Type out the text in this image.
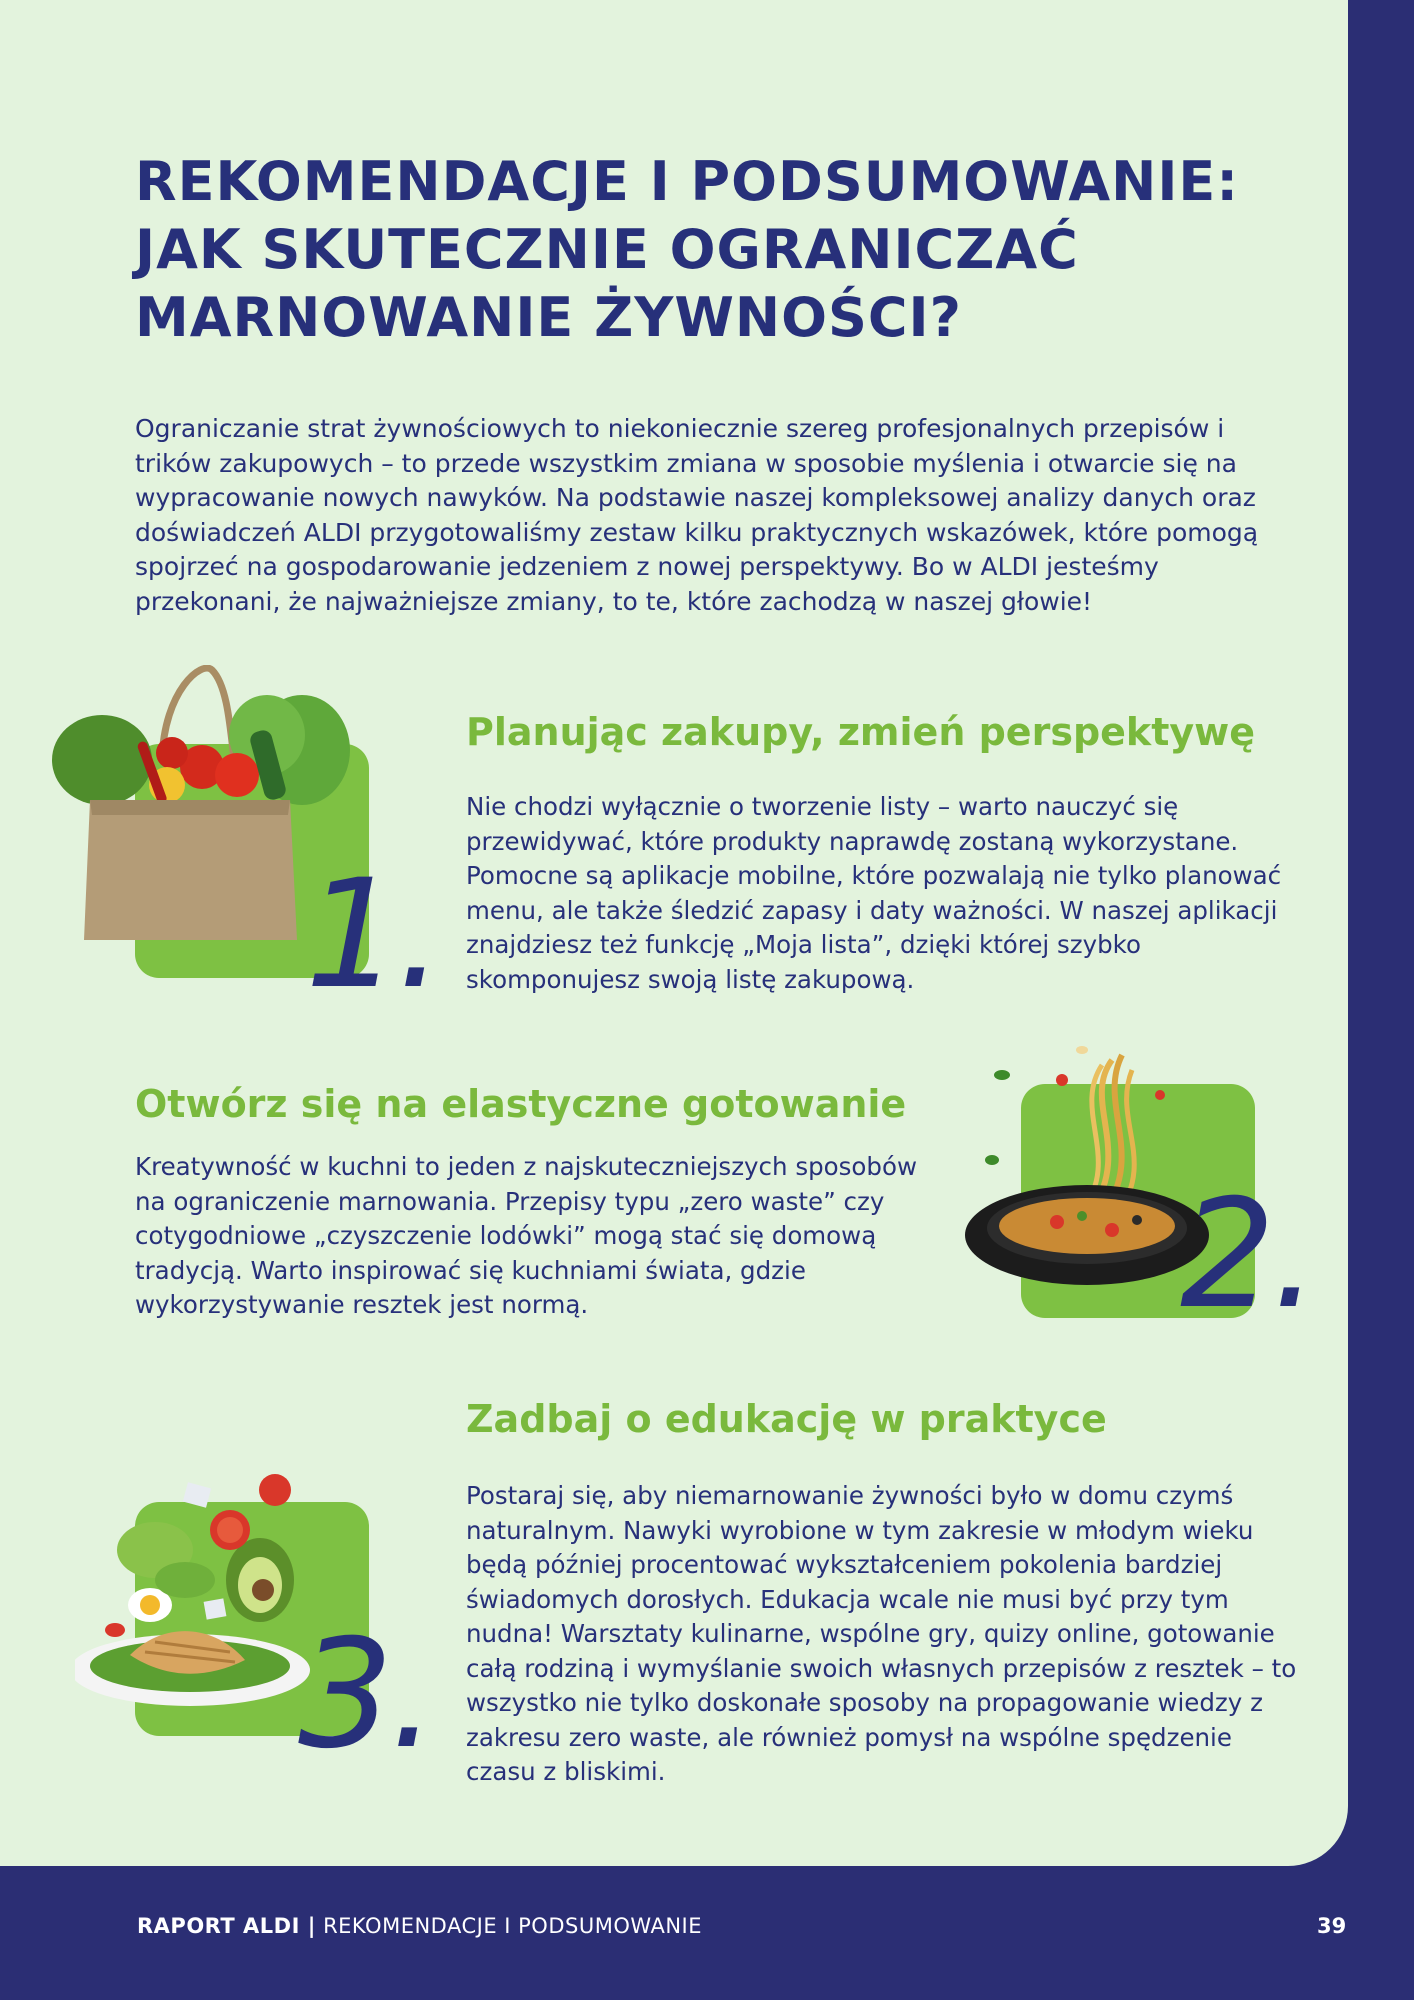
REKOMENDACJE I PODSUMOWANIE: JAK SKUTECZNIE OGRANICZAĆ MARNOWANIE ŻYWNOŚCI?

Ograniczanie strat żywnościowych to niekoniecznie szereg profesjonalnych przepisów i trików zakupowych – to przede wszystkim zmiana w sposobie myślenia i otwarcie się na wypracowanie nowych nawyków. Na podstawie naszej kompleksowej analizy danych oraz doświadczeń ALDI przygotowaliśmy zestaw kilku praktycznych wskazówek, które pomogą spojrzeć na gospodarowanie jedzeniem z nowej perspektywy. Bo w ALDI jesteśmy przekonani, że najważniejsze zmiany, to te, które zachodzą w naszej głowie!

1.
Planując zakupy, zmień perspektywę

Nie chodzi wyłącznie o tworzenie listy – warto nauczyć się przewidywać, które produkty naprawdę zostaną wykorzystane. Pomocne są aplikacje mobilne, które pozwalają nie tylko planować menu, ale także śledzić zapasy i daty ważności. W naszej aplikacji znajdziesz też funkcję „Moja lista”, dzięki której szybko skomponujesz swoją listę zakupową.

Otwórz się na elastyczne gotowanie

Kreatywność w kuchni to jeden z najskuteczniejszych sposobów na ograniczenie marnowania. Przepisy typu „zero waste” czy cotygodniowe „czyszczenie lodówki” mogą stać się domową tradycją. Warto inspirować się kuchniami świata, gdzie wykorzystywanie resztek jest normą.	2.
Zadbaj o edukację w praktyce

Postaraj się, aby niemarnowanie żywności było w domu czymś naturalnym. Nawyki wyrobione w tym zakresie w młodym wieku będą później procentować wykształceniem pokolenia bardziej świadomych dorosłych. Edukacja wcale nie musi być przy tym nudna! Warsztaty kulinarne, wspólne gry, quizy online, gotowanie całą rodziną i wymyślanie swoich własnych przepisów z resztek – to wszystko nie tylko doskonałe sposoby na propagowanie wiedzy z zakresu zero waste, ale również pomysł na wspólne spędzenie czasu z bliskimi.

3.
RAPORT ALDI | REKOMENDACJE I PODSUMOWANIE	39
